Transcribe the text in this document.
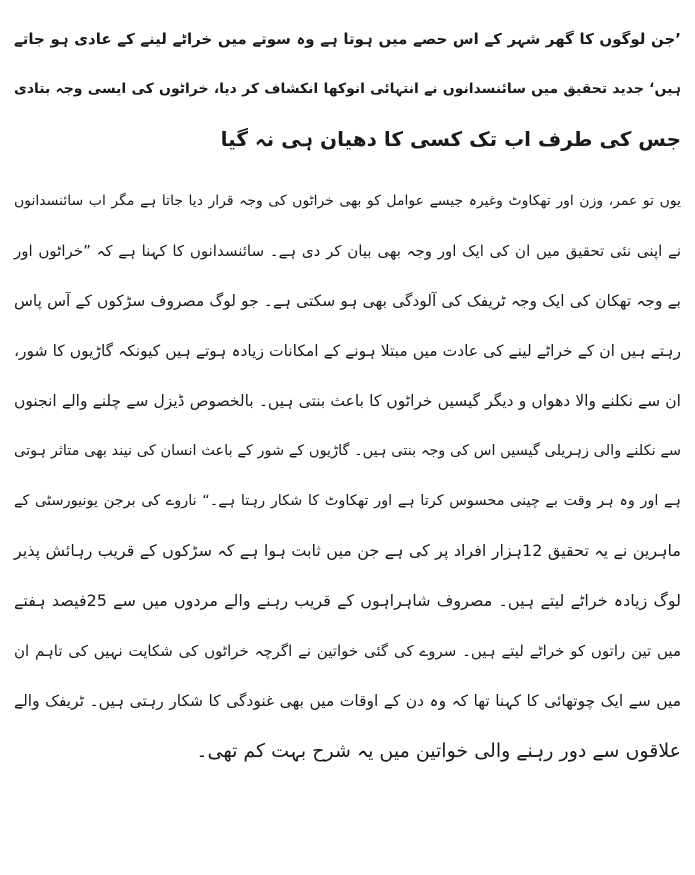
’جن لوگوں کا گھر شہر کے اس حصے میں ہوتا ہے وہ سوتے میں خراٹے لینے کے عادی ہو جاتے
ہیں‘ جدید تحقیق میں سائنسدانوں نے انتہائی انوکھا انکشاف کر دیا، خراٹوں کی ایسی وجہ بتادی
جس کی طرف اب تک کسی کا دھیان ہی نہ گیا

یوں تو عمر، وزن اور تھکاوٹ وغیرہ جیسے عوامل کو بھی خراٹوں کی وجہ قرار دیا جاتا ہے مگر اب سائنسدانوں
نے اپنی نئی تحقیق میں ان کی ایک اور وجہ بھی بیان کر دی ہے۔ سائنسدانوں کا کہنا ہے کہ ”خراٹوں اور
بے وجہ تھکان کی ایک وجہ ٹریفک کی آلودگی بھی ہو سکتی ہے۔ جو لوگ مصروف سڑکوں کے آس پاس
رہتے ہیں ان کے خراٹے لینے کی عادت میں مبتلا ہونے کے امکانات زیادہ ہوتے ہیں کیونکہ گاڑیوں کا شور،
ان سے نکلنے والا دھواں و دیگر گیسیں خراٹوں کا باعث بنتی ہیں۔ بالخصوص ڈیزل سے چلنے والے انجنوں
سے نکلنے والی زہریلی گیسیں اس کی وجہ بنتی ہیں۔ گاڑیوں کے شور کے باعث انسان کی نیند بھی متاثر ہوتی
ہے اور وہ ہر وقت بے چینی محسوس کرتا ہے اور تھکاوٹ کا شکار رہتا ہے۔“ ناروے کی برجن یونیورسٹی کے
ماہرین نے یہ تحقیق 12ہزار افراد پر کی ہے جن میں ثابت ہوا ہے کہ سڑکوں کے قریب رہائش پذیر
لوگ زیادہ خراٹے لیتے ہیں۔ مصروف شاہراہوں کے قریب رہنے والے مردوں میں سے 25فیصد ہفتے
میں تین راتوں کو خراٹے لیتے ہیں۔ سروے کی گئی خواتین نے اگرچہ خراٹوں کی شکایت نہیں کی تاہم ان
میں سے ایک چوتھائی کا کہنا تھا کہ وہ دن کے اوقات میں بھی غنودگی کا شکار رہتی ہیں۔ ٹریفک والے
علاقوں سے دور رہنے والی خواتین میں یہ شرح بہت کم تھی۔
